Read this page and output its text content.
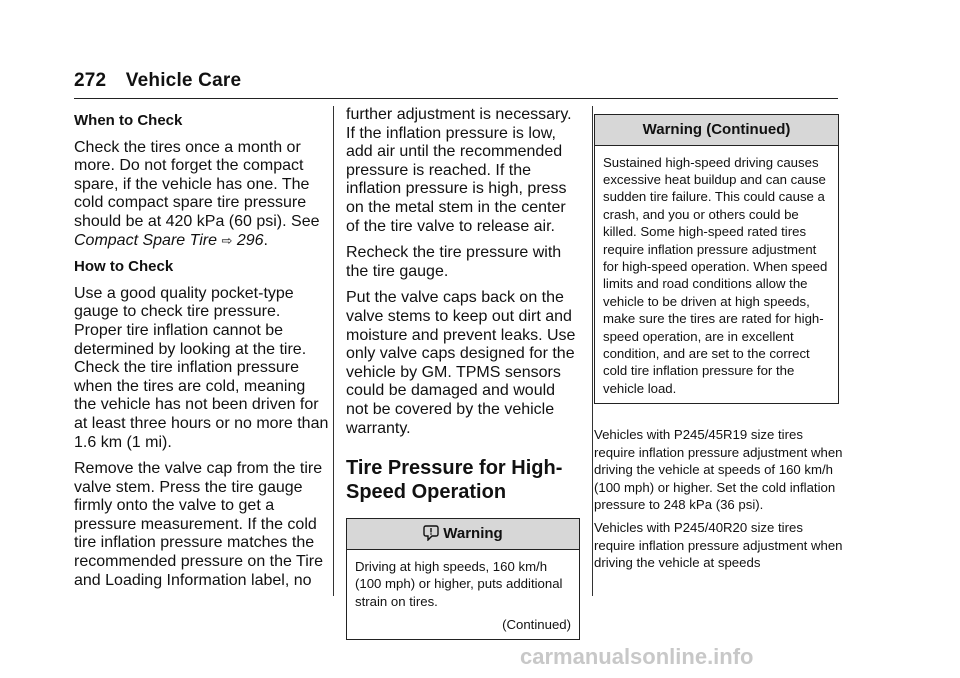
272 Vehicle Care
When to Check

Check the tires once a month or more. Do not forget the compact spare, if the vehicle has one. The cold compact spare tire pressure should be at 420 kPa (60 psi). See Compact Spare Tire ⇨ 296.

How to Check

Use a good quality pocket-type gauge to check tire pressure. Proper tire inflation cannot be determined by looking at the tire. Check the tire inflation pressure when the tires are cold, meaning the vehicle has not been driven for at least three hours or no more than 1.6 km (1 mi).

Remove the valve cap from the tire valve stem. Press the tire gauge firmly onto the valve to get a pressure measurement. If the cold tire inflation pressure matches the recommended pressure on the Tire and Loading Information label, no

further adjustment is necessary. If the inflation pressure is low, add air until the recommended pressure is reached. If the inflation pressure is high, press on the metal stem in the center of the tire valve to release air.

Recheck the tire pressure with the tire gauge.

Put the valve caps back on the valve stems to keep out dirt and moisture and prevent leaks. Use only valve caps designed for the vehicle by GM. TPMS sensors could be damaged and would not be covered by the vehicle warranty.

Tire Pressure for High-Speed Operation
Warning

Driving at high speeds, 160 km/h (100 mph) or higher, puts additional strain on tires.

(Continued)
Warning (Continued)

Sustained high-speed driving causes excessive heat buildup and can cause sudden tire failure. This could cause a crash, and you or others could be killed. Some high-speed rated tires require inflation pressure adjustment for high-speed operation. When speed limits and road conditions allow the vehicle to be driven at high speeds, make sure the tires are rated for high-speed operation, are in excellent condition, and are set to the correct cold tire inflation pressure for the vehicle load.

Vehicles with P245/45R19 size tires require inflation pressure adjustment when driving the vehicle at speeds of 160 km/h (100 mph) or higher. Set the cold inflation pressure to 248 kPa (36 psi).

Vehicles with P245/40R20 size tires require inflation pressure adjustment when driving the vehicle at speeds

carmanualsonline.info
